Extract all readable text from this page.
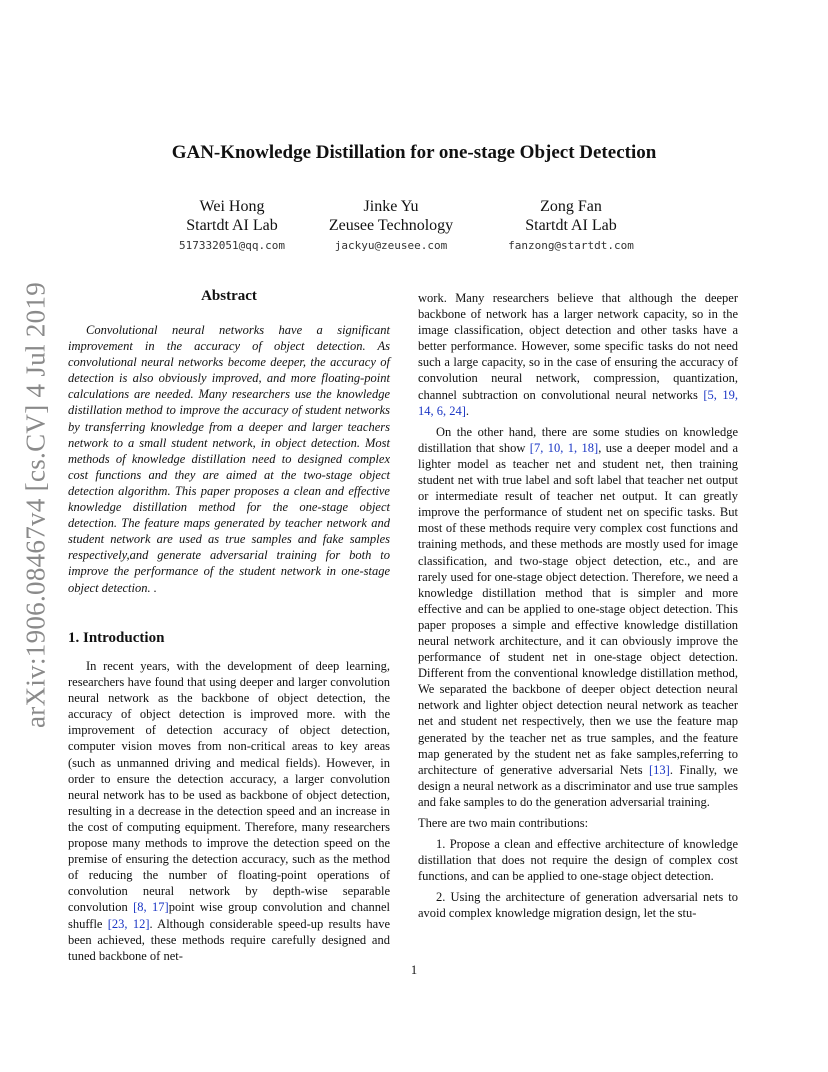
arXiv:1906.08467v4 [cs.CV] 4 Jul 2019
GAN-Knowledge Distillation for one-stage Object Detection
Wei Hong
Startdt AI Lab
517332051@qq.com
Jinke Yu
Zeusee Technology
jackyu@zeusee.com
Zong Fan
Startdt AI Lab
fanzong@startdt.com
Abstract

Convolutional neural networks have a significant improvement in the accuracy of object detection. As convolutional neural networks become deeper, the accuracy of detection is also obviously improved, and more floating-point calculations are needed. Many researchers use the knowledge distillation method to improve the accuracy of student networks by transferring knowledge from a deeper and larger teachers network to a small student network, in object detection. Most methods of knowledge distillation need to designed complex cost functions and they are aimed at the two-stage object detection algorithm. This paper proposes a clean and effective knowledge distillation method for the one-stage object detection. The feature maps generated by teacher network and student network are used as true samples and fake samples respectively,and generate adversarial training for both to improve the performance of the student network in one-stage object detection. .

1. Introduction

In recent years, with the development of deep learning, researchers have found that using deeper and larger convolution neural network as the backbone of object detection, the accuracy of object detection is improved more. with the improvement of detection accuracy of object detection, computer vision moves from non-critical areas to key areas (such as unmanned driving and medical fields). However, in order to ensure the detection accuracy, a larger convolution neural network has to be used as backbone of object detection, resulting in a decrease in the detection speed and an increase in the cost of computing equipment. Therefore, many researchers propose many methods to improve the detection speed on the premise of ensuring the detection accuracy, such as the method of reducing the number of floating-point operations of convolution neural network by depth-wise separable convolution [8, 17]point wise group convolution and channel shuffle [23, 12]. Although considerable speed-up results have been achieved, these methods require carefully designed and tuned backbone of net-

work. Many researchers believe that although the deeper backbone of network has a larger network capacity, so in the image classification, object detection and other tasks have a better performance. However, some specific tasks do not need such a large capacity, so in the case of ensuring the accuracy of convolution neural network, compression, quantization, channel subtraction on convolutional neural networks [5, 19, 14, 6, 24].

On the other hand, there are some studies on knowledge distillation that show [7, 10, 1, 18], use a deeper model and a lighter model as teacher net and student net, then training student net with true label and soft label that teacher net output or intermediate result of teacher net output. It can greatly improve the performance of student net on specific tasks. But most of these methods require very complex cost functions and training methods, and these methods are mostly used for image classification, and two-stage object detection, etc., and are rarely used for one-stage object detection. Therefore, we need a knowledge distillation method that is simpler and more effective and can be applied to one-stage object detection. This paper proposes a simple and effective knowledge distillation neural network architecture, and it can obviously improve the performance of student net in one-stage object detection. Different from the conventional knowledge distillation method, We separated the backbone of deeper object detection neural network and lighter object detection neural network as teacher net and student net respectively, then we use the feature map generated by the teacher net as true samples, and the feature map generated by the student net as fake samples,referring to architecture of generative adversarial Nets [13]. Finally, we design a neural network as a discriminator and use true samples and fake samples to do the generation adversarial training.

There are two main contributions:

1. Propose a clean and effective architecture of knowledge distillation that does not require the design of complex cost functions, and can be applied to one-stage object detection.

2. Using the architecture of generation adversarial nets to avoid complex knowledge migration design, let the stu-

1
